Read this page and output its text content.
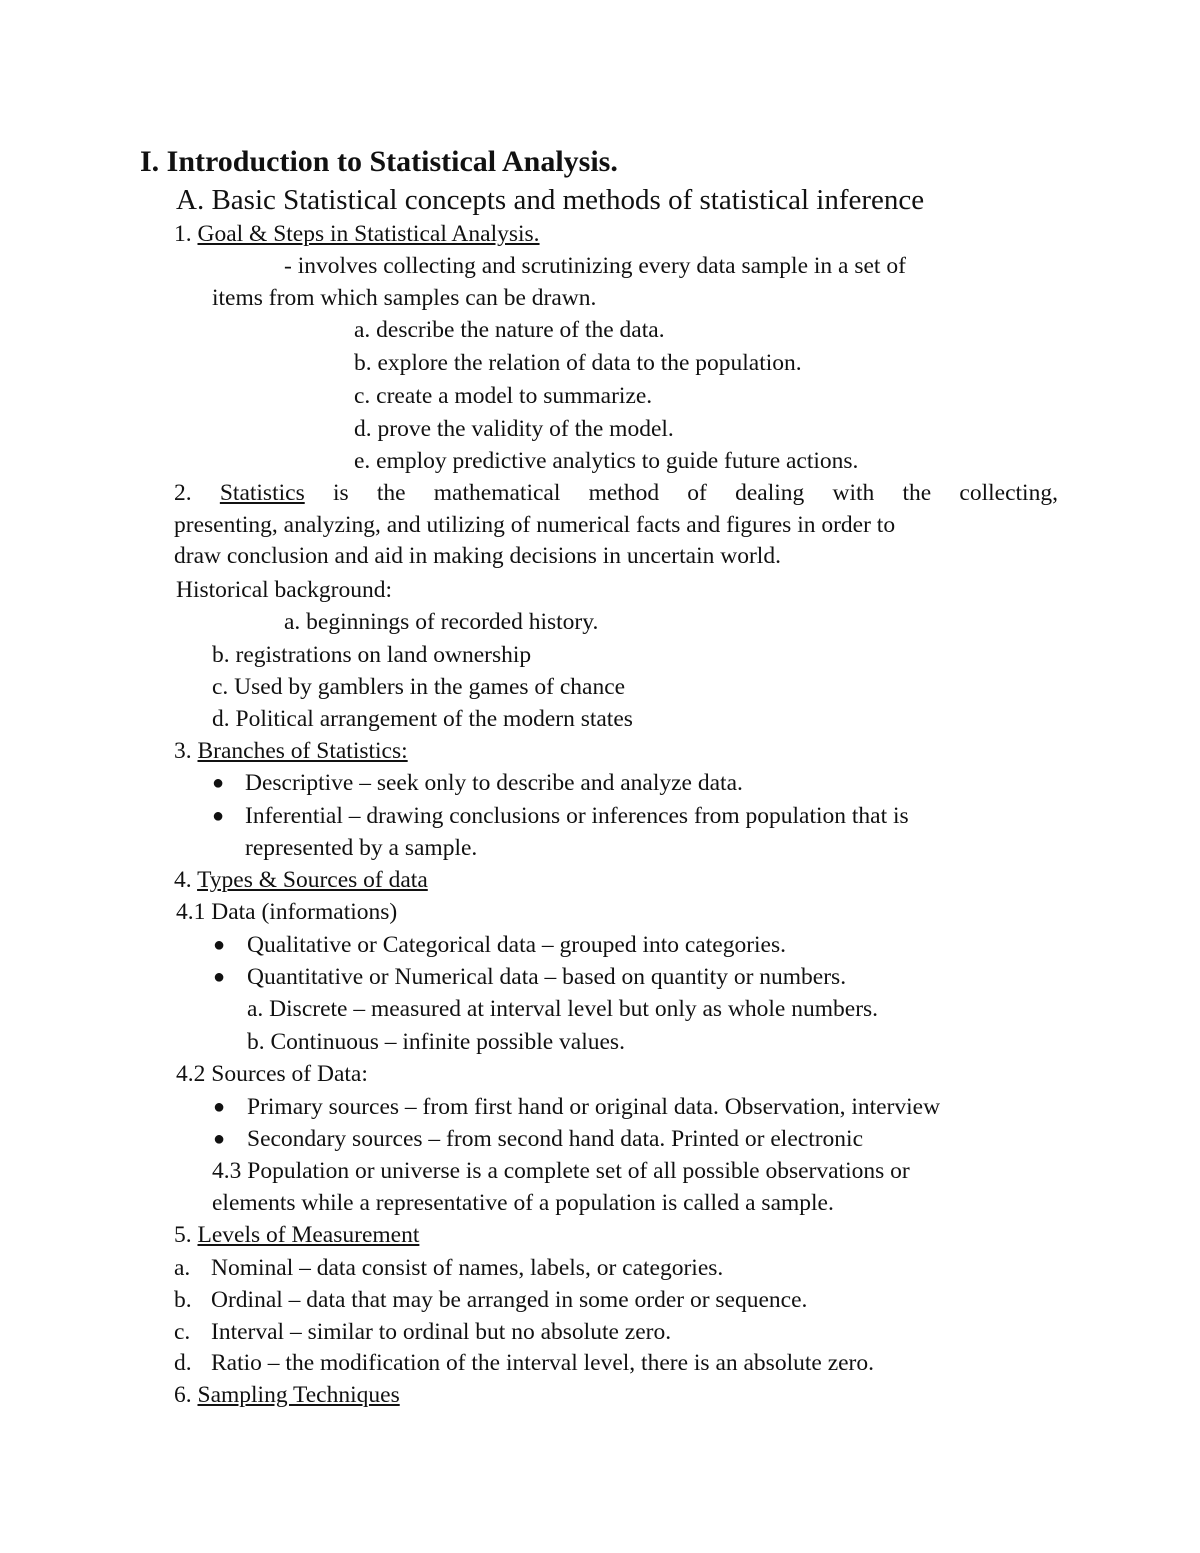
I. Introduction to Statistical Analysis.
A. Basic Statistical concepts and methods of statistical inference
1. Goal & Steps in Statistical Analysis.
- involves collecting and scrutinizing every data sample in a set of
items from which samples can be drawn.
a. describe the nature of the data.
b. explore the relation of data to the population.
c. create a model to summarize.
d. prove the validity of the model.
e. employ predictive analytics to guide future actions.
2. Statistics is the mathematical method of dealing with the collecting,
presenting, analyzing, and utilizing of numerical facts and figures in order to
draw conclusion and aid in making decisions in uncertain world.
Historical background:
a. beginnings of recorded history.
b. registrations on land ownership
c. Used by gamblers in the games of chance
d. Political arrangement of the modern states
3. Branches of Statistics:
● Descriptive – seek only to describe and analyze data.
● Inferential – drawing conclusions or inferences from population that is
represented by a sample.
4. Types & Sources of data
4.1 Data (informations)
● Qualitative or Categorical data – grouped into categories.
● Quantitative or Numerical data – based on quantity or numbers.
a. Discrete – measured at interval level but only as whole numbers.
b. Continuous – infinite possible values.
4.2 Sources of Data:
● Primary sources – from first hand or original data. Observation, interview
● Secondary sources – from second hand data. Printed or electronic
4.3 Population or universe is a complete set of all possible observations or
elements while a representative of a population is called a sample.
5. Levels of Measurement
a. Nominal – data consist of names, labels, or categories.
b. Ordinal – data that may be arranged in some order or sequence.
c. Interval – similar to ordinal but no absolute zero.
d. Ratio – the modification of the interval level, there is an absolute zero.
6. Sampling Techniques
